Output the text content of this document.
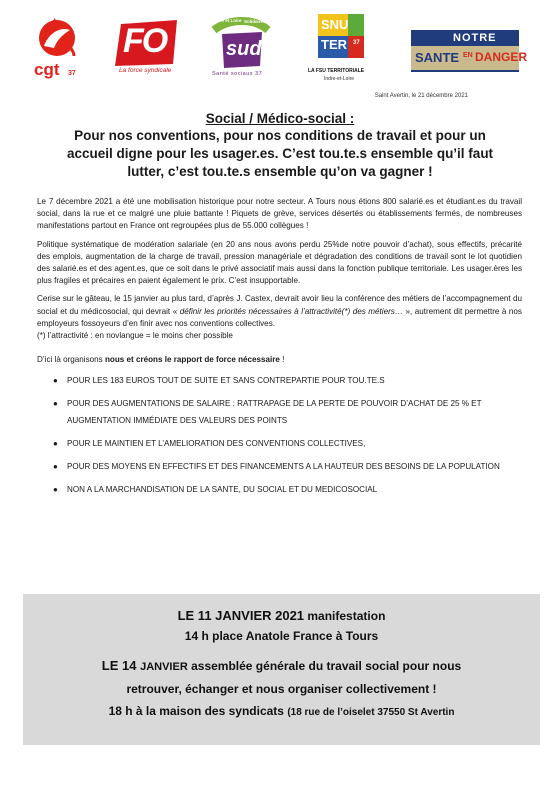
cgt 37
FO
La force syndicale
Indre et Loire Solidaires
sud
Santé sociaux 37
SNU
TER 37
LA FSU TERRITORIALE
Indre-et-Loire
NOTRE
SANTE EN DANGER
Saint Avertin, le 21 décembre 2021
Social / Médico-social :
Pour nos conventions, pour nos conditions de travail et pour un
accueil digne pour les usager.es. C’est tou.te.s ensemble qu’il faut
lutter, c’est tou.te.s ensemble qu’on va gagner !

Le 7 décembre 2021 a été une mobilisation historique pour notre secteur. A Tours nous étions 800 salarié.es et étudiant.es du travail social, dans la rue et ce malgré une pluie battante ! Piquets de grève, services désertés ou établissements fermés, de nombreuses manifestations partout en France ont regroupées plus de 55.000 collègues !

Politique systématique de modération salariale (en 20 ans nous avons perdu 25%de notre pouvoir d’achat), sous effectifs, précarité des emplois, augmentation de la charge de travail, pression managériale et dégradation des conditions de travail sont le lot quotidien des salarié.es et des agent.es, que ce soit dans le privé associatif mais aussi dans la fonction publique territoriale. Les usager.ères les plus fragiles et précaires en paient également le prix. C’est insupportable.

Cerise sur le gâteau, le 15 janvier au plus tard, d’après J. Castex, devrait avoir lieu la conférence des métiers de l’accompagnement du social et du médicosocial, qui devrait « définir les priorités nécessaires à l’attractivité(*) des métiers… », autrement dit permettre à nos employeurs fossoyeurs d’en finir avec nos conventions collectives.

(*) l’attractivité : en novlangue = le moins cher possible

D’ici là organisons nous et créons le rapport de force nécessaire !

● POUR LES 183 EUROS TOUT DE SUITE ET SANS CONTREPARTIE POUR TOU.TE.S
● POUR DES AUGMENTATIONS DE SALAIRE : RATTRAPAGE DE LA PERTE DE POUVOIR D’ACHAT DE 25 % ET AUGMENTATION IMMÉDIATE DES VALEURS DES POINTS
● POUR LE MAINTIEN ET L’AMELIORATION DES CONVENTIONS COLLECTIVES,
● POUR DES MOYENS EN EFFECTIFS ET DES FINANCEMENTS A LA HAUTEUR DES BESOINS DE LA POPULATION
● NON A LA MARCHANDISATION DE LA SANTE, DU SOCIAL ET DU MEDICOSOCIAL
LE 11 JANVIER 2021 manifestation
14 h place Anatole France à Tours
LE 14 JANVIER assemblée générale du travail social pour nous
retrouver, échanger et nous organiser collectivement !
18 h à la maison des syndicats (18 rue de l’oiselet 37550 St Avertin
